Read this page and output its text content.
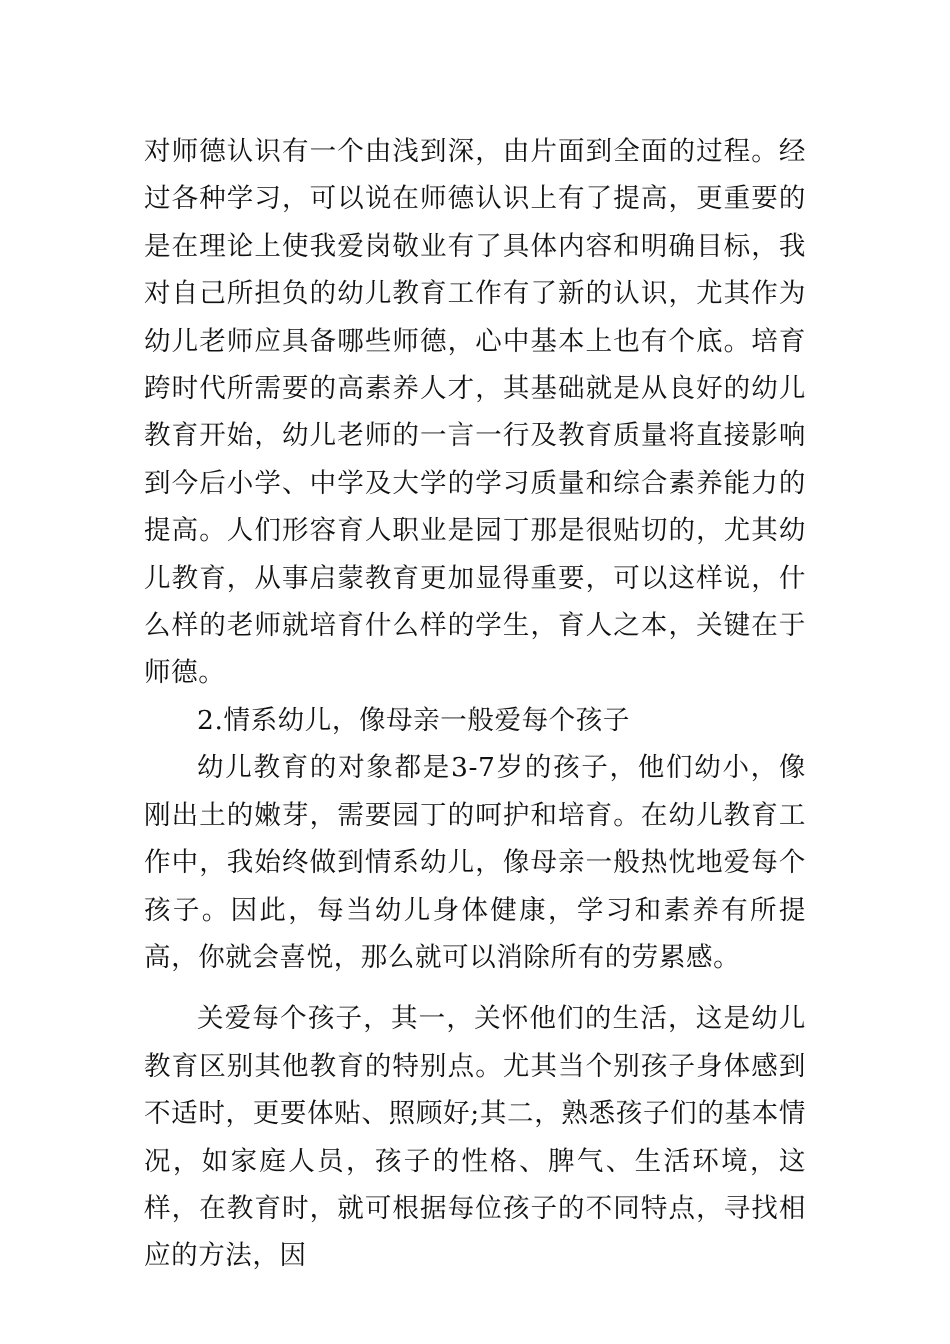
对师德认识有一个由浅到深，由片面到全面的过程。经过各种学习，可以说在师德认识上有了提高，更重要的是在理论上使我爱岗敬业有了具体内容和明确目标，我对自己所担负的幼儿教育工作有了新的认识，尤其作为幼儿老师应具备哪些师德，心中基本上也有个底。培育跨时代所需要的高素养人才，其基础就是从良好的幼儿教育开始，幼儿老师的一言一行及教育质量将直接影响到今后小学、中学及大学的学习质量和综合素养能力的提高。人们形容育人职业是园丁那是很贴切的，尤其幼儿教育，从事启蒙教育更加显得重要，可以这样说，什么样的老师就培育什么样的学生，育人之本，关键在于师德。

2.情系幼儿，像母亲一般爱每个孩子

幼儿教育的对象都是3-7岁的孩子，他们幼小，像刚出土的嫩芽，需要园丁的呵护和培育。在幼儿教育工作中，我始终做到情系幼儿，像母亲一般热忱地爱每个孩子。因此，每当幼儿身体健康，学习和素养有所提高，你就会喜悦，那么就可以消除所有的劳累感。

关爱每个孩子，其一，关怀他们的生活，这是幼儿教育区别其他教育的特别点。尤其当个别孩子身体感到不适时，更要体贴、照顾好;其二，熟悉孩子们的基本情况，如家庭人员，孩子的性格、脾气、生活环境，这样，在教育时，就可根据每位孩子的不同特点，寻找相应的方法，因
